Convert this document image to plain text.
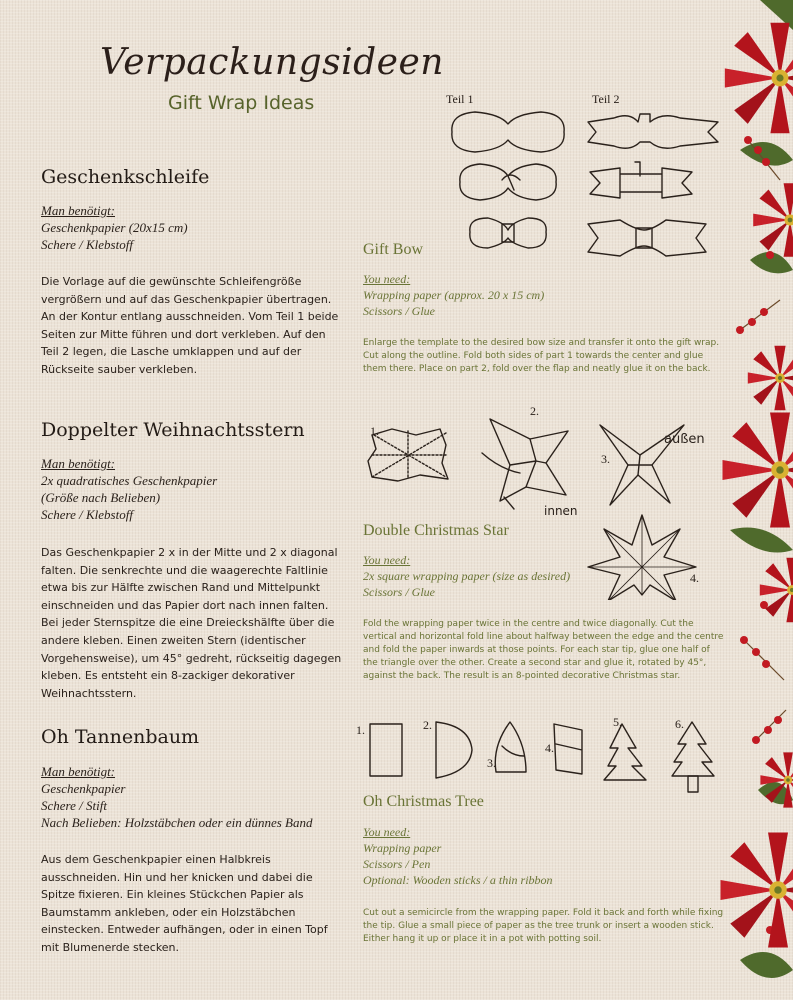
Verpackungsideen
Gift Wrap Ideas
Geschenkschleife
Man benötigt:
Geschenkpapier (20x15 cm)
Schere / Klebstoff
Die Vorlage auf die gewünschte Schleifengröße vergrößern und auf das Geschenkpapier übertragen. An der Kontur entlang ausschneiden. Vom Teil 1 beide Seiten zur Mitte führen und dort verkleben. Auf den Teil 2 legen, die Lasche umklappen und auf der Rückseite sauber verkleben.
Gift Bow
You need:
Wrapping paper (approx. 20 x 15 cm)
Scissors / Glue
Enlarge the template to the desired bow size and transfer it onto the gift wrap. Cut along the outline. Fold both sides of part 1 towards the center and glue them there. Place on part 2, fold over the flap and neatly glue it on the back.
Teil 1	Teil 2
Doppelter Weihnachtsstern
Man benötigt:
2x quadratisches Geschenkpapier
(Größe nach Belieben)
Schere / Klebstoff
Das Geschenkpapier 2 x in der Mitte und 2 x diagonal falten. Die senkrechte und die waagerechte Faltlinie etwa bis zur Hälfte zwischen Rand und Mittelpunkt einschneiden und das Papier dort nach innen falten. Bei jeder Sternspitze die eine Dreieckshälfte über die andere kleben. Einen zweiten Stern (identischer Vorgehensweise), um 45° gedreht, rückseitig dagegen kleben. Es entsteht ein 8-zackiger dekorativer Weihnachtsstern.
Double Christmas Star
You need:
2x square wrapping paper (size as desired)
Scissors / Glue
Fold the wrapping paper twice in the centre and twice diagonally. Cut the vertical and horizontal fold line about halfway between the edge and the centre and fold the paper inwards at those points. For each star tip, glue one half of the triangle over the other. Create a second star and glue it, rotated by 45°, against the back. The result is an 8-pointed decorative Christmas star.
1.
2.
3.
4.
außen
innen
Oh Tannenbaum
Man benötigt:
Geschenkpapier
Schere / Stift
Nach Belieben: Holzstäbchen oder ein dünnes Band
Aus dem Geschenkpapier einen Halbkreis ausschneiden. Hin und her knicken und dabei die Spitze fixieren. Ein kleines Stückchen Papier als Baumstamm ankleben, oder ein Holzstäbchen einstecken. Entweder aufhängen, oder in einen Topf mit Blumenerde stecken.
Oh Christmas Tree
You need:
Wrapping paper
Scissors / Pen
Optional: Wooden sticks / a thin ribbon
Cut out a semicircle from the wrapping paper. Fold it back and forth while fixing the tip. Glue a small piece of paper as the tree trunk or insert a wooden stick. Either hang it up or place it in a pot with potting soil.
1.	2.
3.
4.
5.	6.
